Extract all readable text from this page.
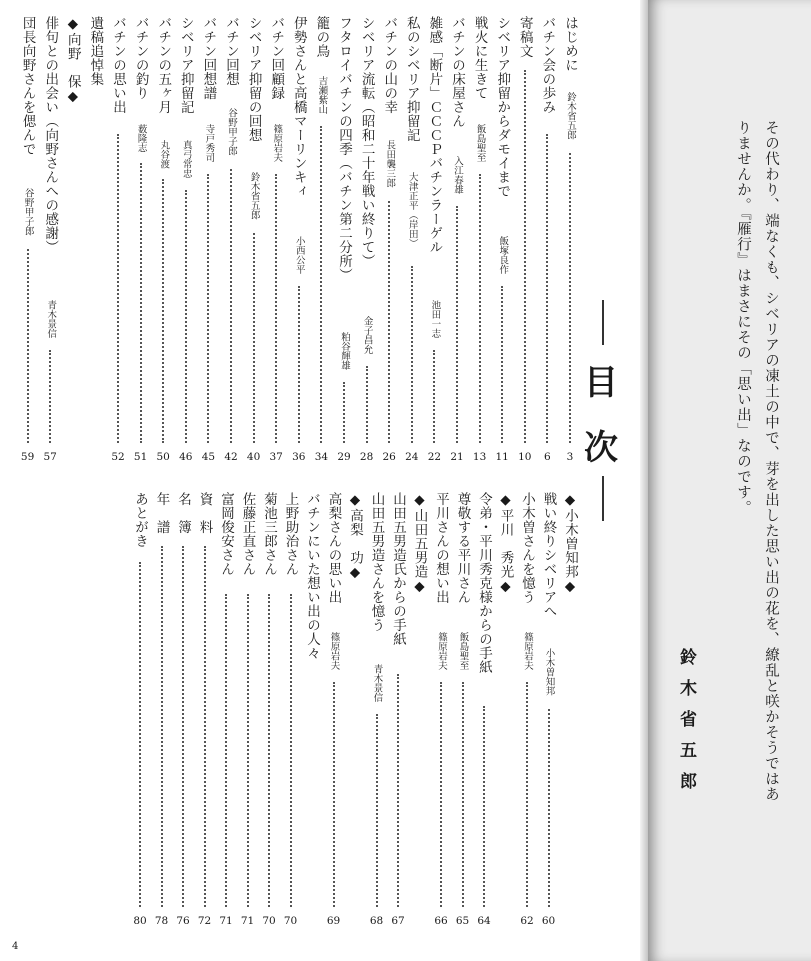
はじめに
鈴木省五郎
3
バチン会の歩み
6
寄稿文
10
シベリア抑留からダモイまで
飯塚良作
11
戦火に生きて
飯島聖至
13
バチンの床屋さん
入江春雄
21
雑感「断片」ＣＣＣＰバチンラーゲル
池田一志
22
私のシベリア抑留記
大津正平（岸田）
24
バチンの山の幸
長田襲三郎
26
シベリア流転（昭和二十年戦い終りて）
金子昌允
28
フタロイバチンの四季（バチン第二分所）
粕谷輝雄
29
籠の鳥
吉瀬紫山
34
伊勢さんと高橋マーリンキィ
小西公平
36
バチン回顧録
篠原岩夫
37
シベリア抑留の回想
鈴木省五郎
40
バチン回想
谷野甲子郎
42
バチン回想譜
寺戸秀司
45
シベリア抑留記
真弓常忠
46
バチンの五ヶ月
丸谷渡
50
バチンの釣り
薮隆志
51
バチンの思い出
52
遺稿追悼集
◆向野　保◆
俳句との出会い（向野さんへの感謝）
青木景信
57
団長向野さんを偲んで
谷野甲子郎
59
◆小木曽知邦◆
戦い終りシベリアへ
小木曽知邦
60
小木曽さんを憶う
篠原岩夫
62
◆平川　秀光◆
令弟・平川秀克様からの手紙
64
尊敬する平川さん
飯島聖至
65
平川さんの想い出
篠原岩夫
66
◆山田五男造◆
山田五男造氏からの手紙
67
山田五男造さんを憶う
青木景信
68
◆高梨　功◆
高梨さんの思い出
篠原岩夫
69
バチンにいた想い出の人々
上野助治さん
70
菊池三郎さん
70
佐藤正直さん
71
富岡俊安さん
71
資　料
72
名　簿
76
年　譜
78
あとがき
80
目
次
4
その代わり、端なくも、シベリアの凍土の中で、芽を出した思い出の花を、繚乱と咲かそうではあ
りませんか。『雁行』はまさにその「思い出」なのです。
鈴木省五郎
